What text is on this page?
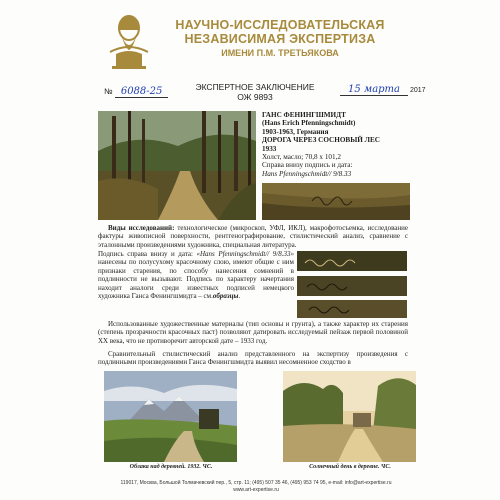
НАУЧНО-ИССЛЕДОВАТЕЛЬСКАЯ
НЕЗАВИСИМАЯ ЭКСПЕРТИЗА
ИМЕНИ П.М. ТРЕТЬЯКОВА
№ 6088-25	ЭКСПЕРТНОЕ ЗАКЛЮЧЕНИЕ
ОЖ 9893
15 марта 2017
ГАНС ФЕНИНГШМИДТ
(Hans Erich Pfenningschmidt)
1903-1963, Германия
ДОРОГА ЧЕРЕЗ СОСНОВЫЙ ЛЕС
1933
Холст, масло; 70,8 х 101,2
Справа внизу подпись и дата:
Hans Pfenningschmidt// 9/8.33
Виды исследований: технологическое (микроскоп, УФЛ, ИКЛ), макрофотосъемка, исследование фактуры живописной поверхности, рентгенографирование, стилистический анализ, сравнение с эталонными произведениями художника, специальная литература.
Подпись справа внизу и дата: «Hans Pfenningschmidt// 9/8.33» нанесены по полусухому красочному слою, имеют общие с ним признаки старения, по способу нанесения сомнений в подлинности не вызывают. Подпись по характеру начертания находит аналоги среди известных подписей немецкого художника Ганса Фенингшмидта – см.образцы.
Использованные художественные материалы (тип основы и грунта), а также характер их старения (степень прозрачности красочных паст) позволяют датировать исследуемый пейзаж первой половиной XX века, что не противоречит авторской дате – 1933 год.
Сравнительный стилистический анализ представленного на экспертизу произведения с подлинными произведениями Ганса Фенингшмидта выявил несомненное сходство в
Облака над деревней. 1932. ЧС.	Солнечный день в деревне. ЧС.
119017, Москва, Большой Толмачевский пер., 5, стр. 11; (495) 507 35 46, (495) 953 74 95, e-mail: info@art-expertise.ru
www.art-expertise.ru
